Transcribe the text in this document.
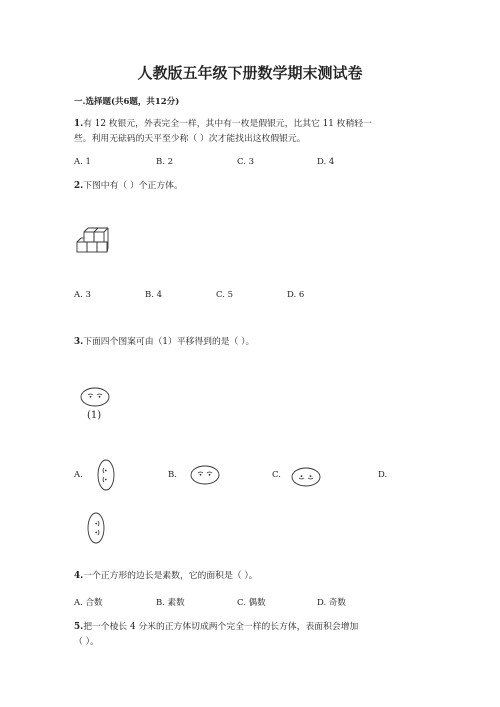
人教版五年级下册数学期末测试卷
一.选择题(共6题，共12分)
1.有 12 枚银元，外表完全一样，其中有一枚是假银元，比其它 11 枚稍轻一
些。利用无砝码的天平至少称（ ）次才能找出这枚假银元。
A. 1	B. 2	C. 3	D. 4
2.下图中有（ ）个正方体。
A. 3	B. 4	C. 5	D. 6
3.下面四个图案可由（1）平移得到的是（ ）。
(1)
A.	B.	C.	D.
4.一个正方形的边长是素数，它的面积是（ ）。
A. 合数	B. 素数	C. 偶数	D. 奇数
5.把一个棱长 4 分米的正方体切成两个完全一样的长方体，表面积会增加
（ ）。
